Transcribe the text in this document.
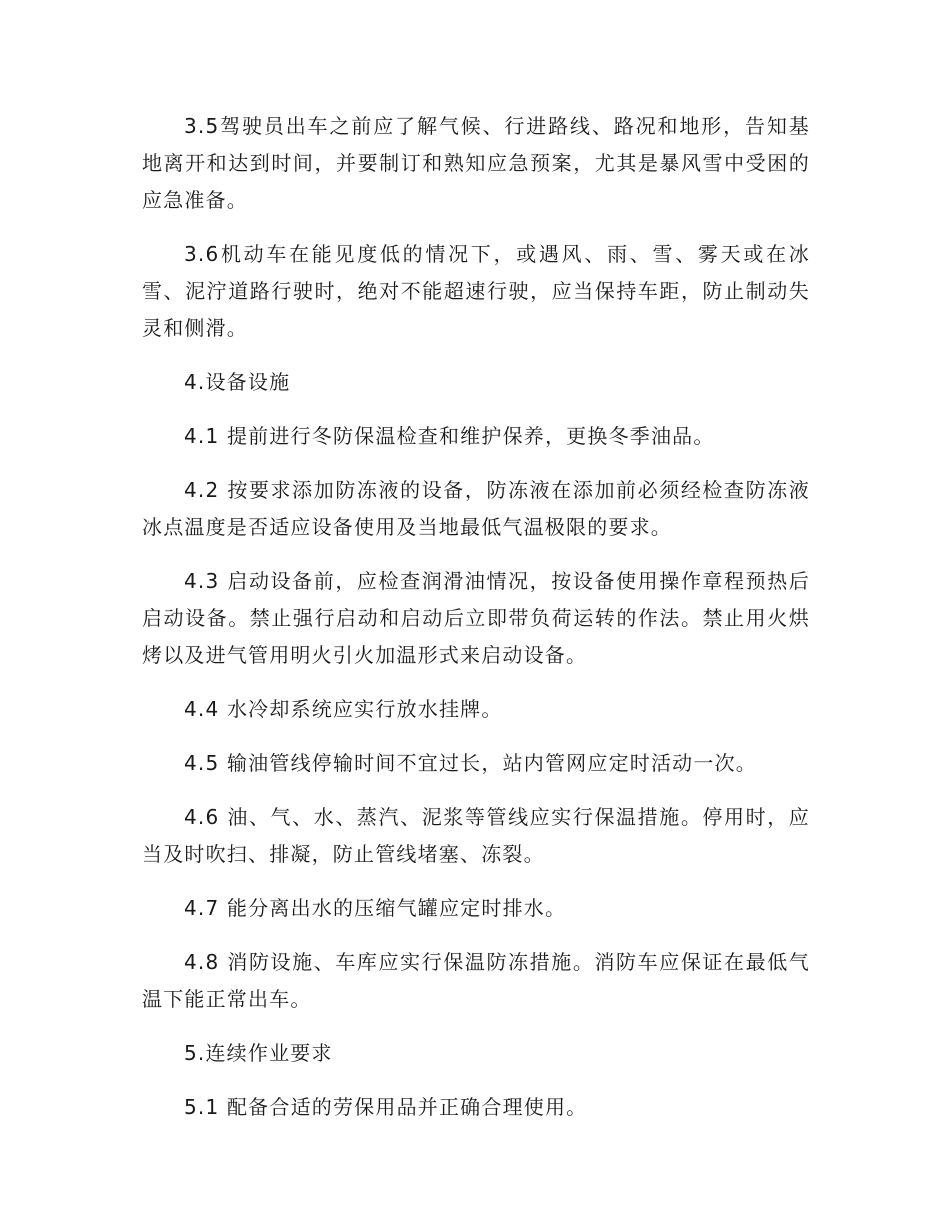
3.5驾驶员出车之前应了解气候、行进路线、路况和地形，告知基地离开和达到时间，并要制订和熟知应急预案，尤其是暴风雪中受困的应急准备。

3.6机动车在能见度低的情况下，或遇风、雨、雪、雾天或在冰雪、泥泞道路行驶时，绝对不能超速行驶，应当保持车距，防止制动失灵和侧滑。

4.设备设施

4.1 提前进行冬防保温检查和维护保养，更换冬季油品。

4.2 按要求添加防冻液的设备，防冻液在添加前必须经检查防冻液冰点温度是否适应设备使用及当地最低气温极限的要求。

4.3 启动设备前，应检查润滑油情况，按设备使用操作章程预热后启动设备。禁止强行启动和启动后立即带负荷运转的作法。禁止用火烘烤以及进气管用明火引火加温形式来启动设备。

4.4 水冷却系统应实行放水挂牌。

4.5 输油管线停输时间不宜过长，站内管网应定时活动一次。

4.6 油、气、水、蒸汽、泥浆等管线应实行保温措施。停用时，应当及时吹扫、排凝，防止管线堵塞、冻裂。

4.7 能分离出水的压缩气罐应定时排水。

4.8 消防设施、车库应实行保温防冻措施。消防车应保证在最低气温下能正常出车。

5.连续作业要求

5.1 配备合适的劳保用品并正确合理使用。
